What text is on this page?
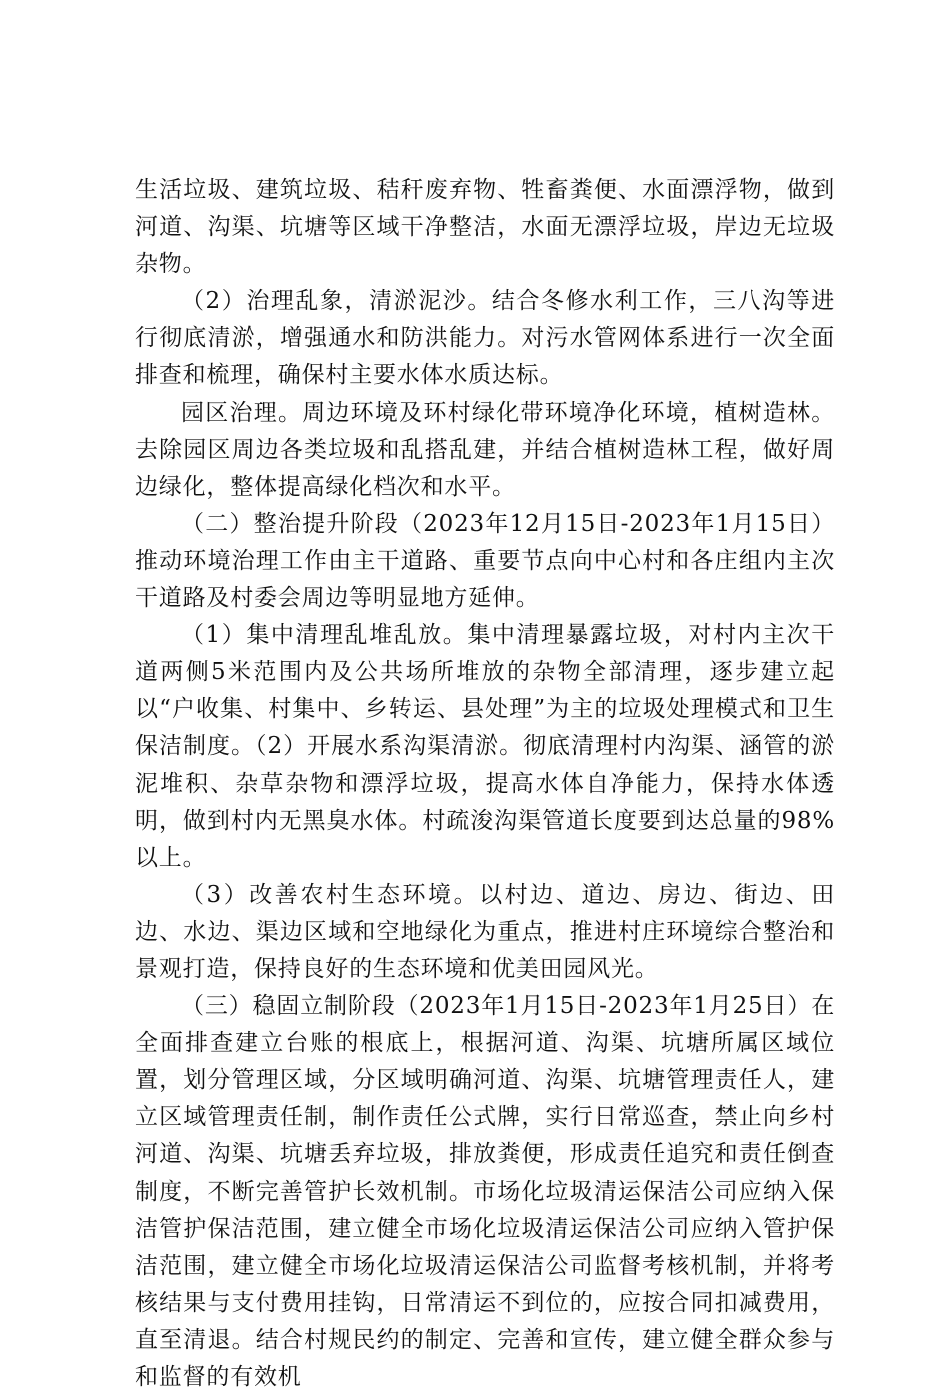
生活垃圾、建筑垃圾、秸秆废弃物、牲畜粪便、水面漂浮物，做到河道、沟渠、坑塘等区域干净整洁，水面无漂浮垃圾，岸边无垃圾杂物。

（2）治理乱象，清淤泥沙。结合冬修水利工作，三八沟等进行彻底清淤，增强通水和防洪能力。对污水管网体系进行一次全面排查和梳理，确保村主要水体水质达标。

园区治理。周边环境及环村绿化带环境净化环境，植树造林。去除园区周边各类垃圾和乱搭乱建，并结合植树造林工程，做好周边绿化，整体提高绿化档次和水平。

（二）整治提升阶段（2023年12月15日-2023年1月15日）推动环境治理工作由主干道路、重要节点向中心村和各庄组内主次干道路及村委会周边等明显地方延伸。

（1）集中清理乱堆乱放。集中清理暴露垃圾，对村内主次干道两侧5米范围内及公共场所堆放的杂物全部清理，逐步建立起以“户收集、村集中、乡转运、县处理”为主的垃圾处理模式和卫生保洁制度。（2）开展水系沟渠清淤。彻底清理村内沟渠、涵管的淤泥堆积、杂草杂物和漂浮垃圾，提高水体自净能力，保持水体透明，做到村内无黑臭水体。村疏浚沟渠管道长度要到达总量的98%以上。

（3）改善农村生态环境。以村边、道边、房边、街边、田边、水边、渠边区域和空地绿化为重点，推进村庄环境综合整治和景观打造，保持良好的生态环境和优美田园风光。

（三）稳固立制阶段（2023年1月15日-2023年1月25日）在全面排查建立台账的根底上，根据河道、沟渠、坑塘所属区域位置，划分管理区域，分区域明确河道、沟渠、坑塘管理责任人，建立区域管理责任制，制作责任公式牌，实行日常巡查，禁止向乡村河道、沟渠、坑塘丢弃垃圾，排放粪便，形成责任追究和责任倒查制度，不断完善管护长效机制。市场化垃圾清运保洁公司应纳入保洁管护保洁范围，建立健全市场化垃圾清运保洁公司应纳入管护保洁范围，建立健全市场化垃圾清运保洁公司监督考核机制，并将考核结果与支付费用挂钩，日常清运不到位的，应按合同扣减费用，直至清退。结合村规民约的制定、完善和宣传，建立健全群众参与和监督的有效机
